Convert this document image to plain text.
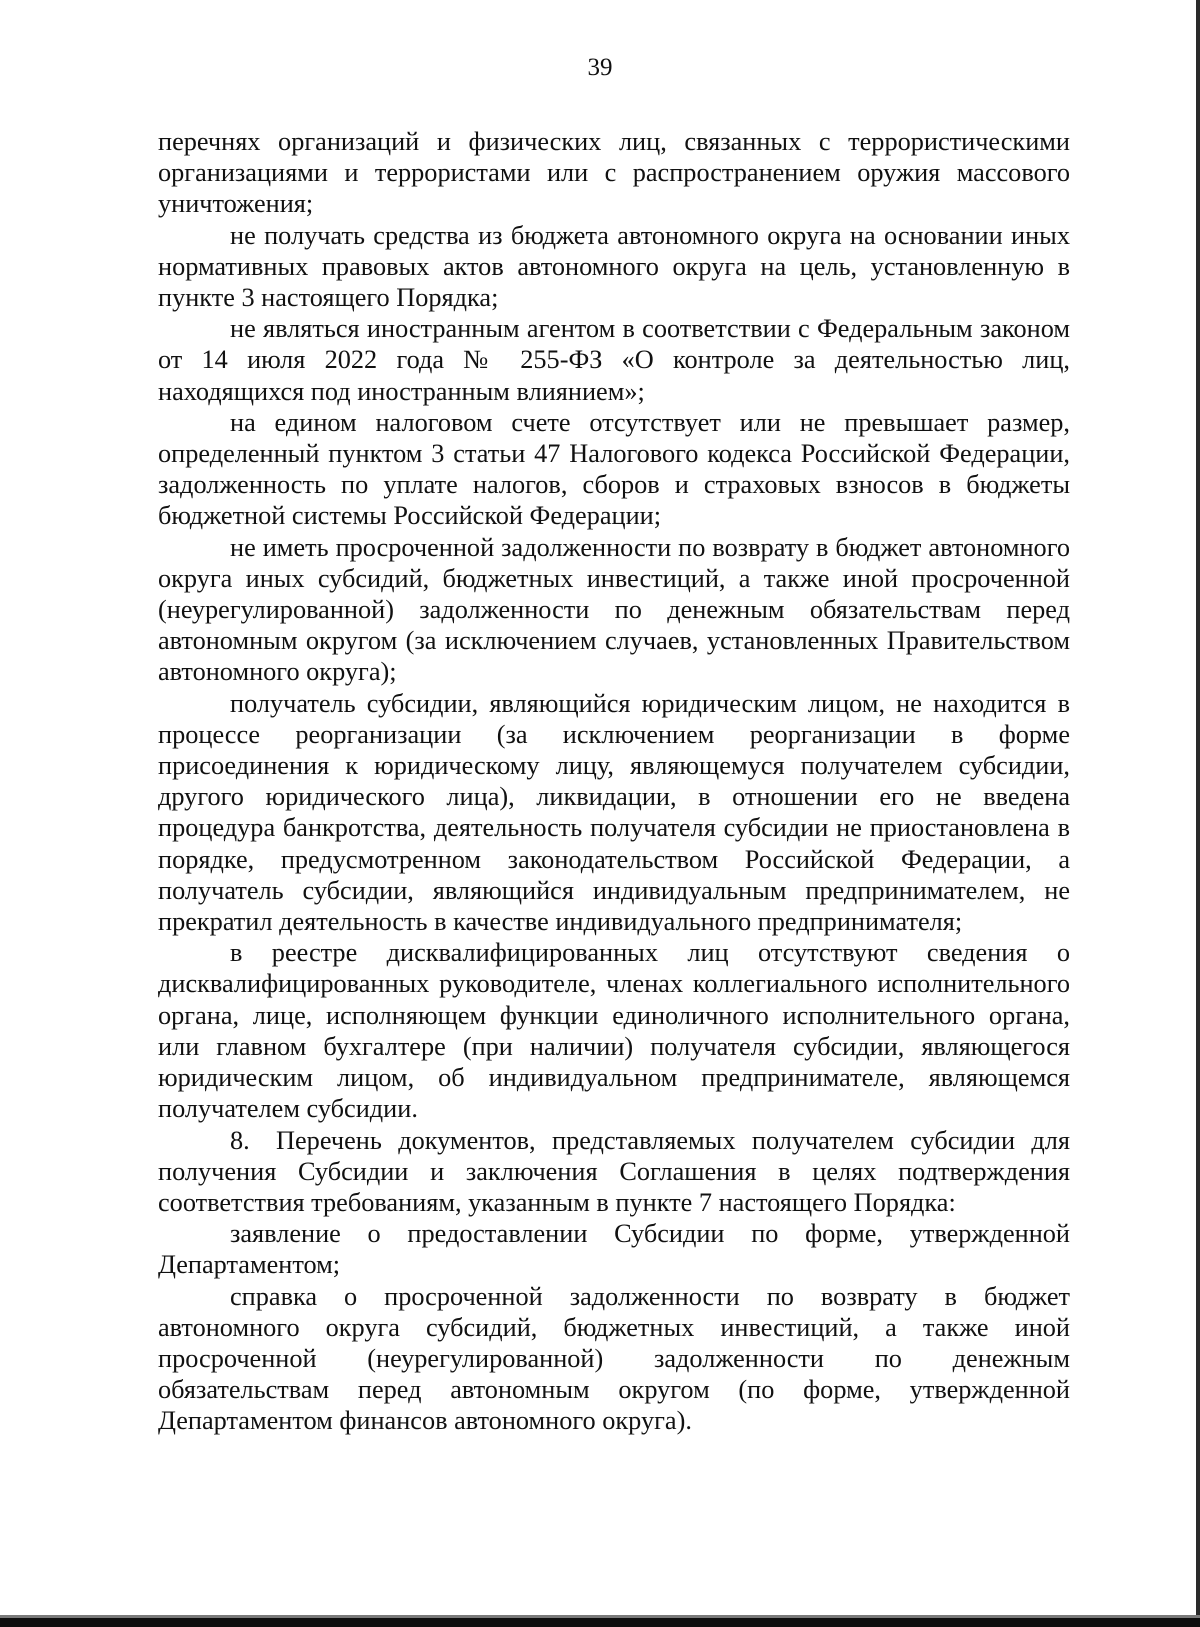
39

перечнях организаций и физических лиц, связанных с террористическими организациями и террористами или с распространением оружия массового уничтожения;

не получать средства из бюджета автономного округа на основании иных нормативных правовых актов автономного округа на цель, установленную в пункте 3 настоящего Порядка;

не являться иностранным агентом в соответствии с Федеральным законом от 14 июля 2022 года № 255-ФЗ «О контроле за деятельностью лиц, находящихся под иностранным влиянием»;

на едином налоговом счете отсутствует или не превышает размер, определенный пунктом 3 статьи 47 Налогового кодекса Российской Федерации, задолженность по уплате налогов, сборов и страховых взносов в бюджеты бюджетной системы Российской Федерации;

не иметь просроченной задолженности по возврату в бюджет автономного округа иных субсидий, бюджетных инвестиций, а также иной просроченной (неурегулированной) задолженности по денежным обязательствам перед автономным округом (за исключением случаев, установленных Правительством автономного округа);

получатель субсидии, являющийся юридическим лицом, не находится в процессе реорганизации (за исключением реорганизации в форме присоединения к юридическому лицу, являющемуся получателем субсидии, другого юридического лица), ликвидации, в отношении его не введена процедура банкротства, деятельность получателя субсидии не приостановлена в порядке, предусмотренном законодательством Российской Федерации, а получатель субсидии, являющийся индивидуальным предпринимателем, не прекратил деятельность в качестве индивидуального предпринимателя;

в реестре дисквалифицированных лиц отсутствуют сведения о дисквалифицированных руководителе, членах коллегиального исполнительного органа, лице, исполняющем функции единоличного исполнительного органа, или главном бухгалтере (при наличии) получателя субсидии, являющегося юридическим лицом, об индивидуальном предпринимателе, являющемся получателем субсидии.

8. Перечень документов, представляемых получателем субсидии для получения Субсидии и заключения Соглашения в целях подтверждения соответствия требованиям, указанным в пункте 7 настоящего Порядка:

заявление о предоставлении Субсидии по форме, утвержденной Департаментом;

справка о просроченной задолженности по возврату в бюджет автономного округа субсидий, бюджетных инвестиций, а также иной просроченной (неурегулированной) задолженности по денежным обязательствам перед автономным округом (по форме, утвержденной Департаментом финансов автономного округа).
